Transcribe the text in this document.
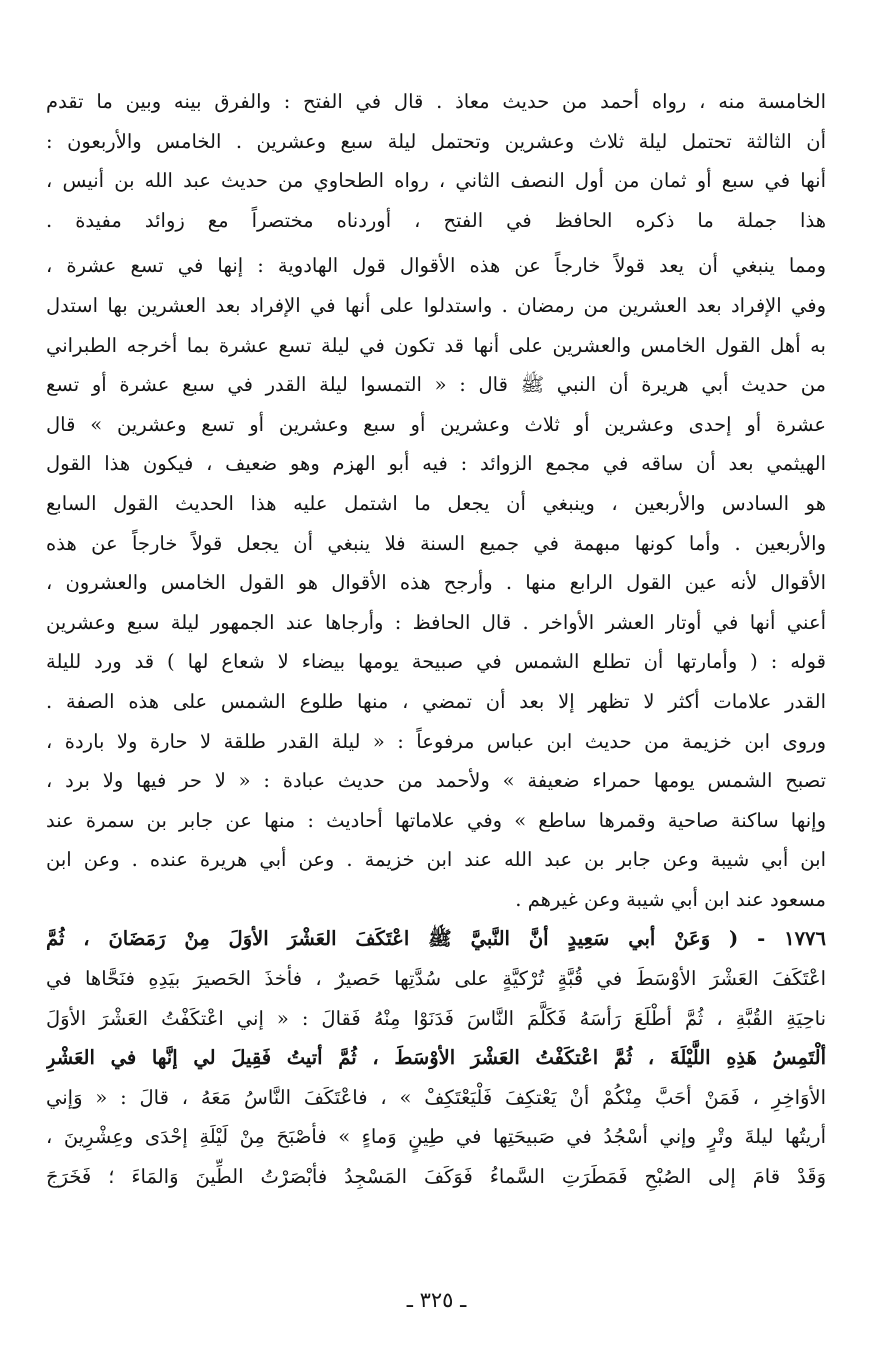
الخامسة منه ، رواه أحمد من حديث معاذ . قال في الفتح : والفرق بينه وبين ما تقدم
أن الثالثة تحتمل ليلة ثلاث وعشرين وتحتمل ليلة سبع وعشرين . الخامس والأربعون :
أنها في سبع أو ثمان من أول النصف الثاني ، رواه الطحاوي من حديث عبد الله بن أنيس ،
هذا جملة ما ذكره الحافظ في الفتح ، أوردناه مختصراً مع زوائد مفيدة .
ومما ينبغي أن يعد قولاً خارجاً عن هذه الأقوال قول الهادوية : إنها في تسع عشرة ،
وفي الإفراد بعد العشرين من رمضان . واستدلوا على أنها في الإفراد بعد العشرين بها استدل
به أهل القول الخامس والعشرين على أنها قد تكون في ليلة تسع عشرة بما أخرجه الطبراني
من حديث أبي هريرة أن النبي ﷺ قال : « التمسوا ليلة القدر في سبع عشرة أو تسع
عشرة أو إحدى وعشرين أو ثلاث وعشرين أو سبع وعشرين أو تسع وعشرين » قال
الهيثمي بعد أن ساقه في مجمع الزوائد : فيه أبو الهزم وهو ضعيف ، فيكون هذا القول
هو السادس والأربعين ، وينبغي أن يجعل ما اشتمل عليه هذا الحديث القول السابع
والأربعين . وأما كونها مبهمة في جميع السنة فلا ينبغي أن يجعل قولاً خارجاً عن هذه
الأقوال لأنه عين القول الرابع منها . وأرجح هذه الأقوال هو القول الخامس والعشرون ،
أعني أنها في أوتار العشر الأواخر . قال الحافظ : وأرجاها عند الجمهور ليلة سبع وعشرين
قوله : ( وأمارتها أن تطلع الشمس في صبيحة يومها بيضاء لا شعاع لها ) قد ورد لليلة
القدر علامات أكثر لا تظهر إلا بعد أن تمضي ، منها طلوع الشمس على هذه الصفة .
وروى ابن خزيمة من حديث ابن عباس مرفوعاً : « ليلة القدر طلقة لا حارة ولا باردة ،
تصبح الشمس يومها حمراء ضعيفة » ولأحمد من حديث عبادة : « لا حر فيها ولا برد ،
وإنها ساكنة صاحية وقمرها ساطع » وفي علاماتها أحاديث : منها عن جابر بن سمرة عند
ابن أبي شيبة وعن جابر بن عبد الله عند ابن خزيمة . وعن أبي هريرة عنده . وعن ابن
مسعود عند ابن أبي شيبة وعن غيرهم .
١٧٧٦ - ( وَعَنْ أبي سَعِيدٍ أنَّ النَّبيَّ ﷺ اعْتَكَفَ العَشْرَ الأوَلَ مِنْ رَمَضَانَ ، ثُمَّ
اعْتَكَفَ العَشْرَ الأوْسَطَ في قُبَّةٍ تُرْكيَّةٍ على سُدَّتِها حَصيرٌ ، فأخذَ الحَصيرَ بيَدِهِ فنَحَّاها في
ناحِيَةِ القُبَّةِ ، ثُمَّ أطْلَعَ رَأسَهُ فَكَلَّمَ النَّاسَ فَدَنَوْا مِنْهُ فَقالَ : « إني اعْتكَفْتُ العَشْرَ الأوَلَ
ألْتَمِسُ هَذِهِ اللَّيْلَةَ ، ثُمَّ اعْتكَفْتُ العَشْرَ الأوْسَطَ ، ثُمَّ أتيتُ فَقِيلَ لي إنَّها في العَشْرِ
الأوَاخِرِ ، فَمَنْ أحَبَّ مِنْكُمْ أنْ يَعْتكِفَ فَلْيَعْتَكِفْ » ، فاعْتَكَفَ النَّاسُ مَعَهُ ، قالَ : « وَإني
أريتُها ليلةَ وتْرٍ وإني أسْجُدُ في صَبيحَتِها في طِينٍ وَماءٍ » فأصْبَحَ مِنْ لَيْلَةِ إحْدَى وعِشْرِينَ ،
وَقَدْ قامَ إلى الصُبْحِ فَمَطَرَتِ السَّماءُ فَوَكَفَ المَسْجِدُ فأبْصَرْتُ الطِّينَ وَالمَاءَ ؛ فَخَرَجَ
ـ ٣٢٥ ـ
